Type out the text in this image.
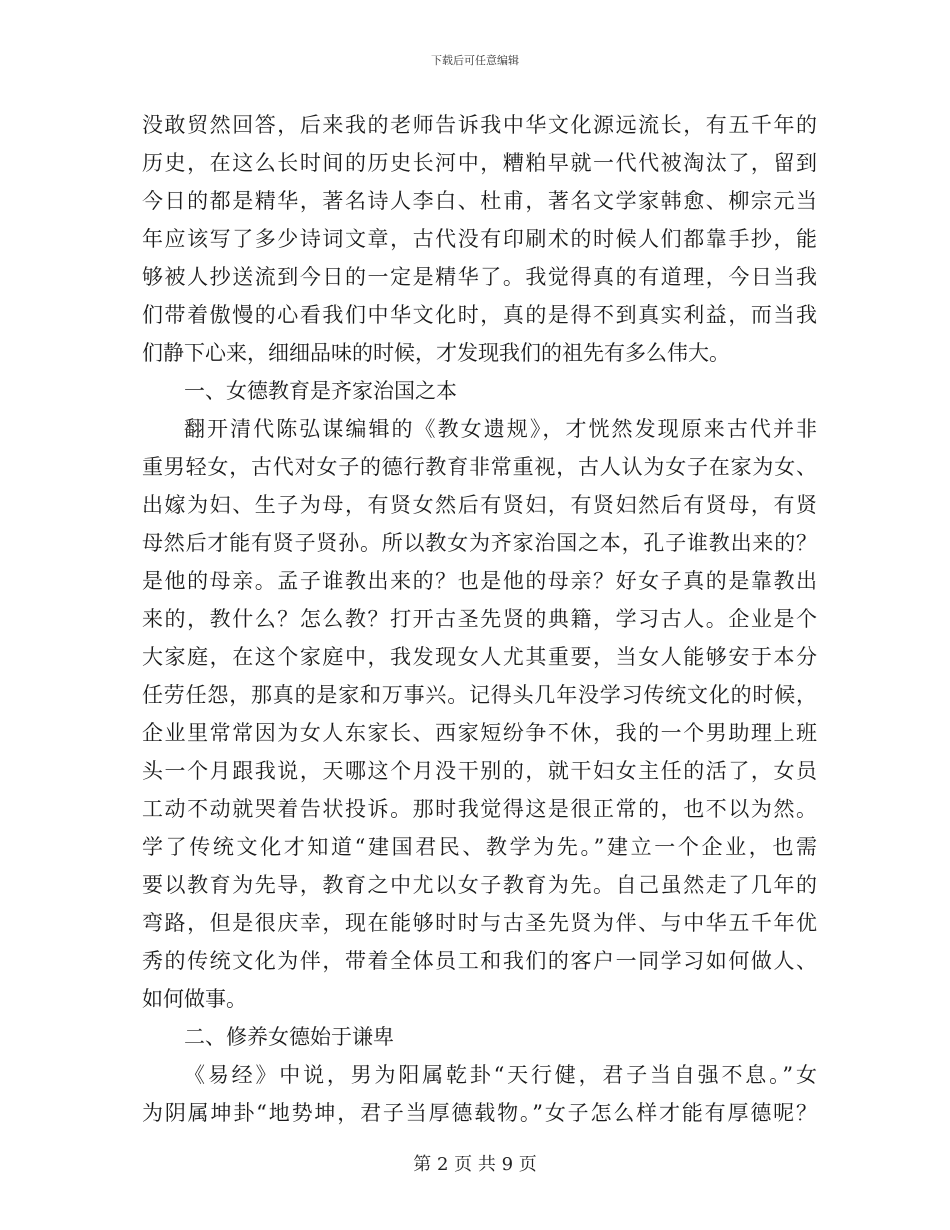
下载后可任意编辑
没敢贸然回答，后来我的老师告诉我中华文化源远流长，有五千年的
历史，在这么长时间的历史长河中，糟粕早就一代代被淘汰了，留到
今日的都是精华，著名诗人李白、杜甫，著名文学家韩愈、柳宗元当
年应该写了多少诗词文章，古代没有印刷术的时候人们都靠手抄，能
够被人抄送流到今日的一定是精华了。我觉得真的有道理，今日当我
们带着傲慢的心看我们中华文化时，真的是得不到真实利益，而当我
们静下心来，细细品味的时候，才发现我们的祖先有多么伟大。
一、女德教育是齐家治国之本
翻开清代陈弘谋编辑的《教女遗规》，才恍然发现原来古代并非
重男轻女，古代对女子的德行教育非常重视，古人认为女子在家为女、
出嫁为妇、生子为母，有贤女然后有贤妇，有贤妇然后有贤母，有贤
母然后才能有贤子贤孙。所以教女为齐家治国之本，孔子谁教出来的？
是他的母亲。孟子谁教出来的？也是他的母亲？好女子真的是靠教出
来的，教什么？怎么教？打开古圣先贤的典籍，学习古人。企业是个
大家庭，在这个家庭中，我发现女人尤其重要，当女人能够安于本分
任劳任怨，那真的是家和万事兴。记得头几年没学习传统文化的时候，
企业里常常因为女人东家长、西家短纷争不休，我的一个男助理上班
头一个月跟我说，天哪这个月没干别的，就干妇女主任的活了，女员
工动不动就哭着告状投诉。那时我觉得这是很正常的，也不以为然。
学了传统文化才知道“建国君民、教学为先。”建立一个企业，也需
要以教育为先导，教育之中尤以女子教育为先。自己虽然走了几年的
弯路，但是很庆幸，现在能够时时与古圣先贤为伴、与中华五千年优
秀的传统文化为伴，带着全体员工和我们的客户一同学习如何做人、
如何做事。
二、修养女德始于谦卑
《易经》中说，男为阳属乾卦“天行健，君子当自强不息。”女
为阴属坤卦“地势坤，君子当厚德载物。”女子怎么样才能有厚德呢？
第 2 页 共 9 页
